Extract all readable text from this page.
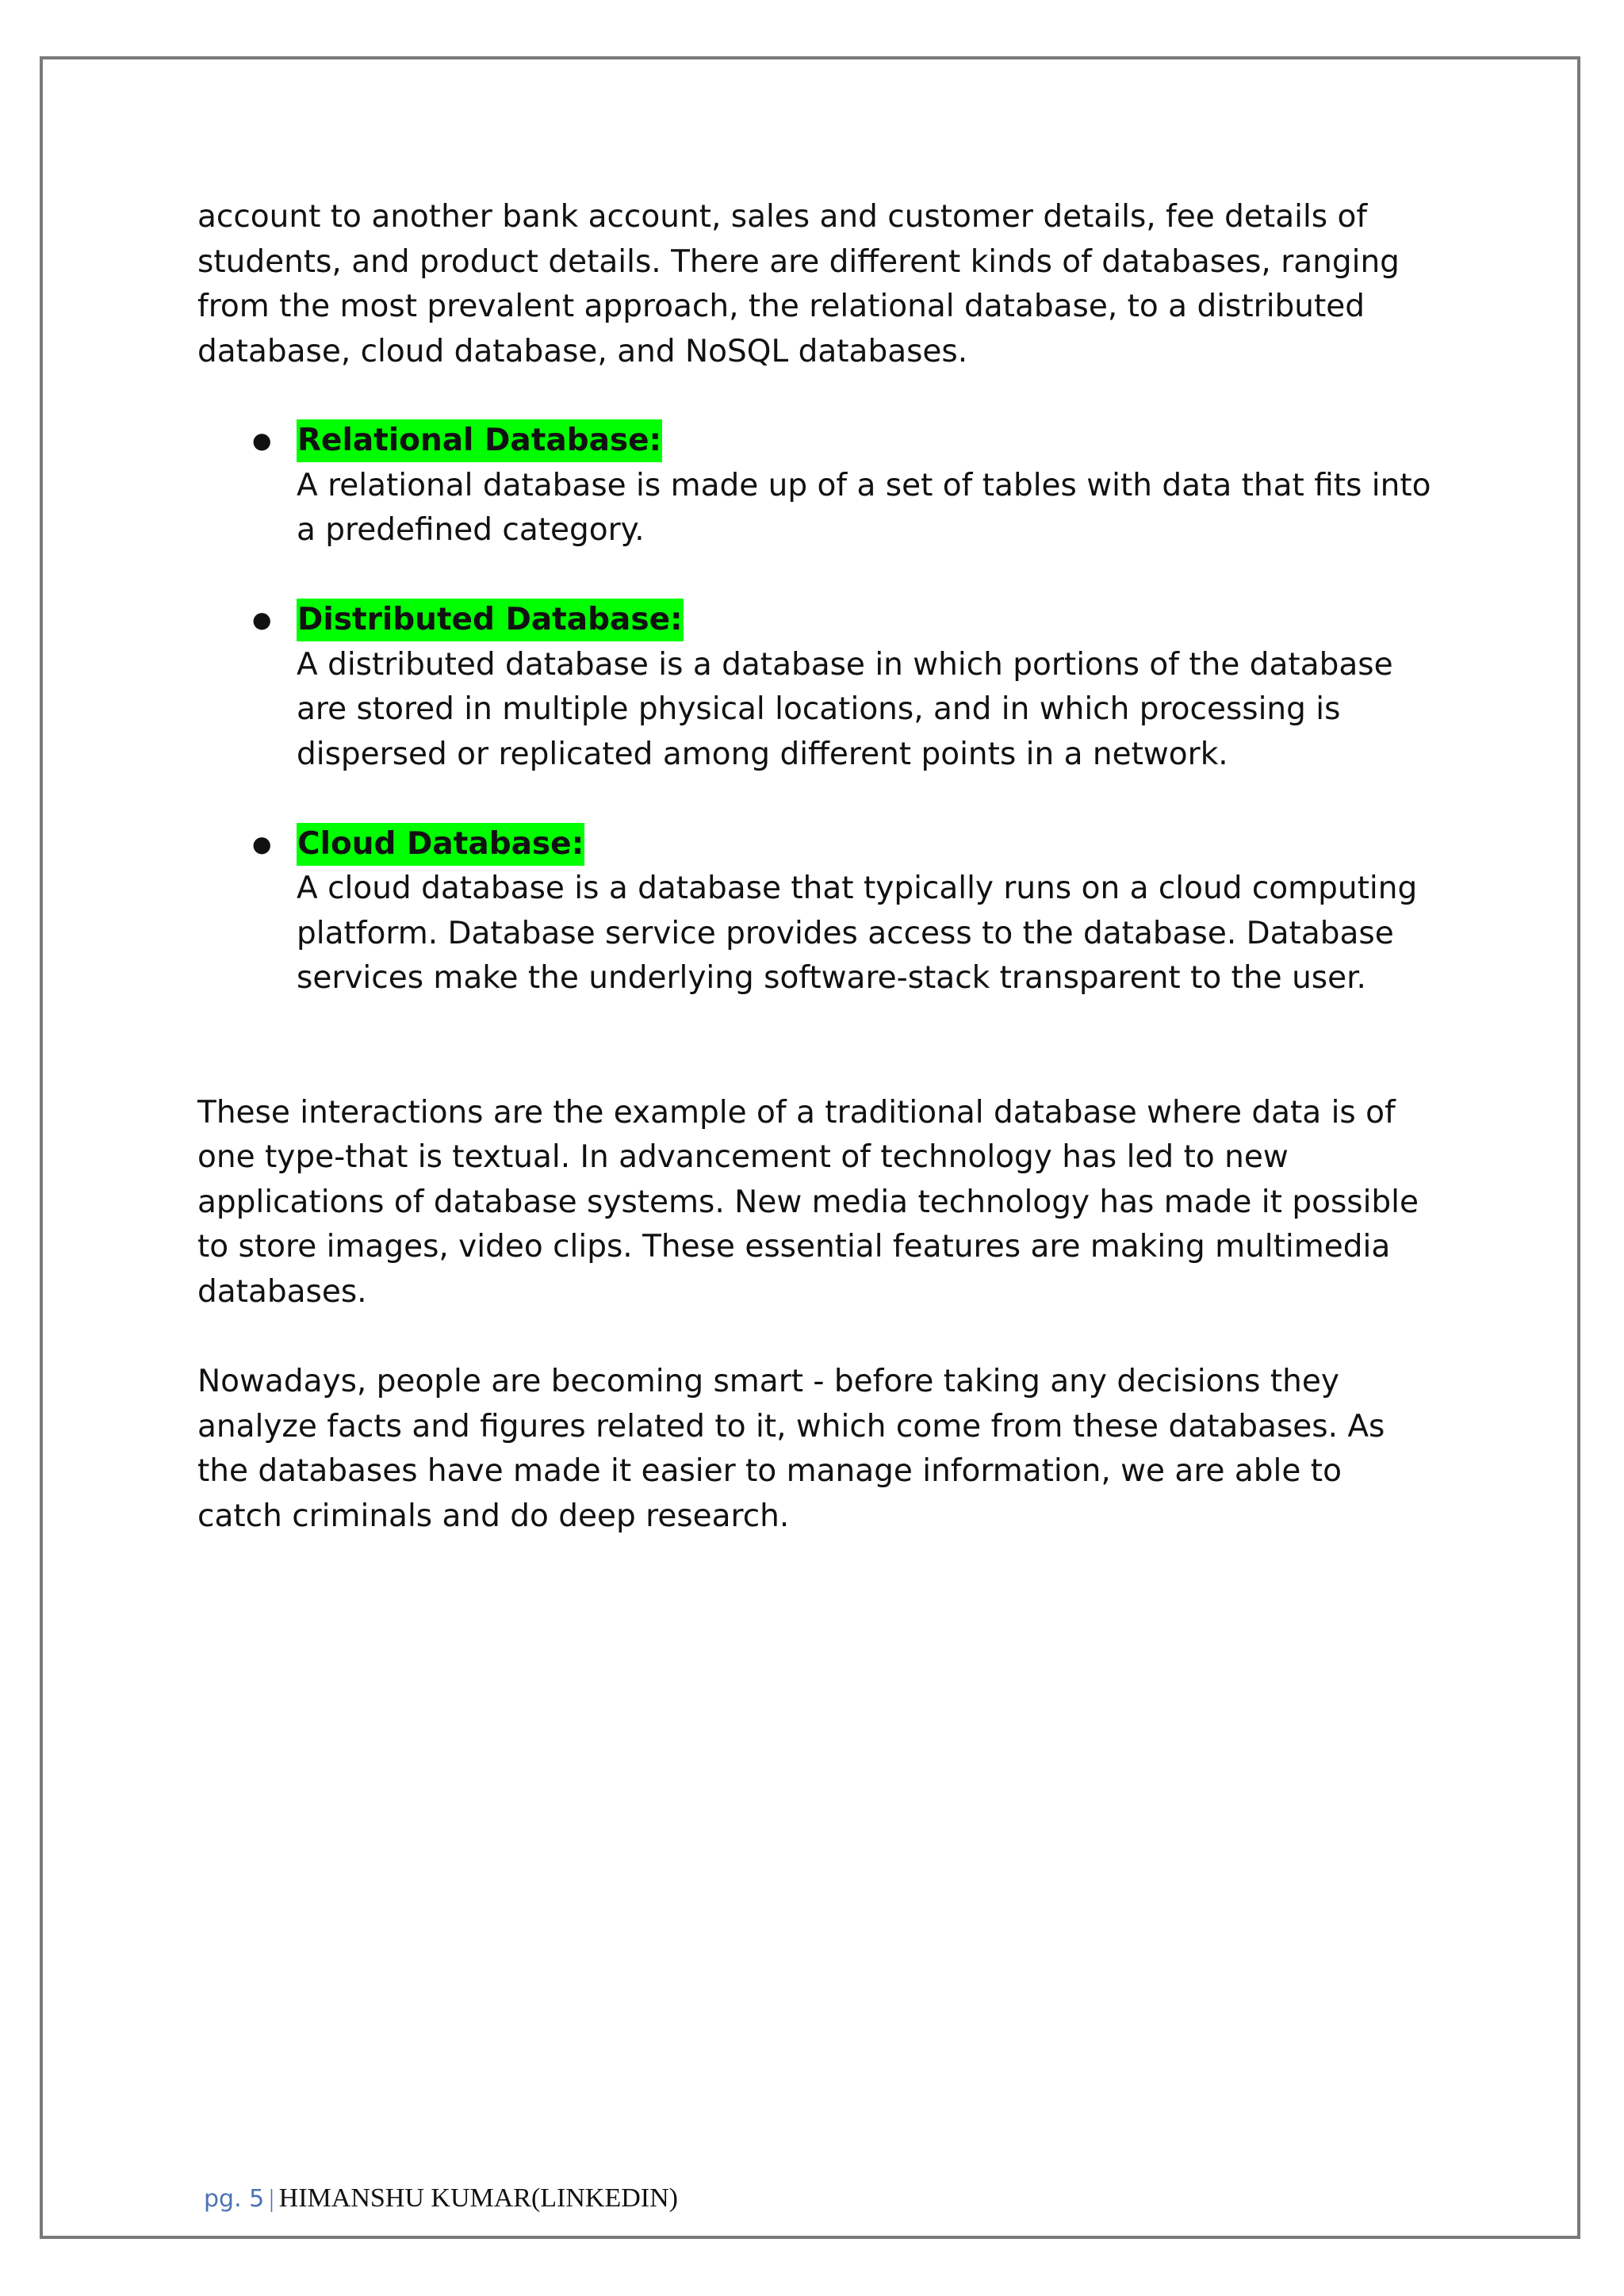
account to another bank account, sales and customer details, fee details of students, and product details. There are different kinds of databases, ranging from the most prevalent approach, the relational database, to a distributed database, cloud database, and NoSQL databases.

● Relational Database:
A relational database is made up of a set of tables with data that fits into a predefined category.
● Distributed Database:
A distributed database is a database in which portions of the database are stored in multiple physical locations, and in which processing is dispersed or replicated among different points in a network.
● Cloud Database:
A cloud database is a database that typically runs on a cloud computing platform. Database service provides access to the database. Database services make the underlying software-stack transparent to the user.

These interactions are the example of a traditional database where data is of one type-that is textual. In advancement of technology has led to new applications of database systems. New media technology has made it possible to store images, video clips. These essential features are making multimedia databases.

Nowadays, people are becoming smart - before taking any decisions they analyze facts and figures related to it, which come from these databases. As the databases have made it easier to manage information, we are able to catch criminals and do deep research.

pg. 5 | HIMANSHU KUMAR(LINKEDIN)
